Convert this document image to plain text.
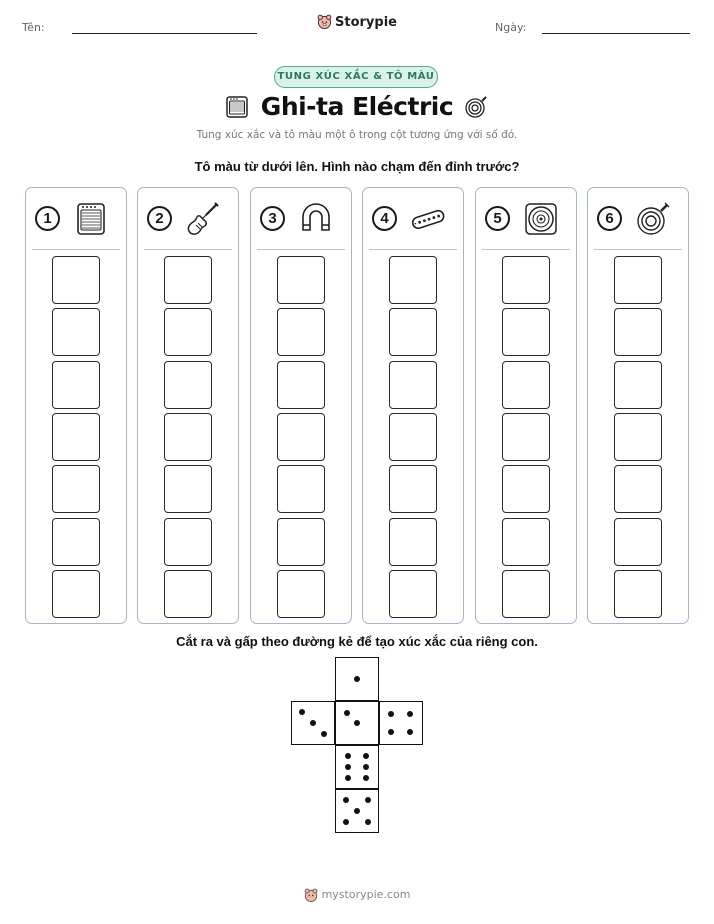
Tên:	Storypie	Ngày:
TUNG XÚC XẮC & TÔ MÀU
Ghi-ta Eléctric
Tung xúc xắc và tô màu một ô trong cột tương ứng với số đó.
Tô màu từ dưới lên. Hình nào chạm đến đỉnh trước?
1	2	3	4	5	6
Cắt ra và gấp theo đường kẻ để tạo xúc xắc của riêng con.
mystorypie.com
